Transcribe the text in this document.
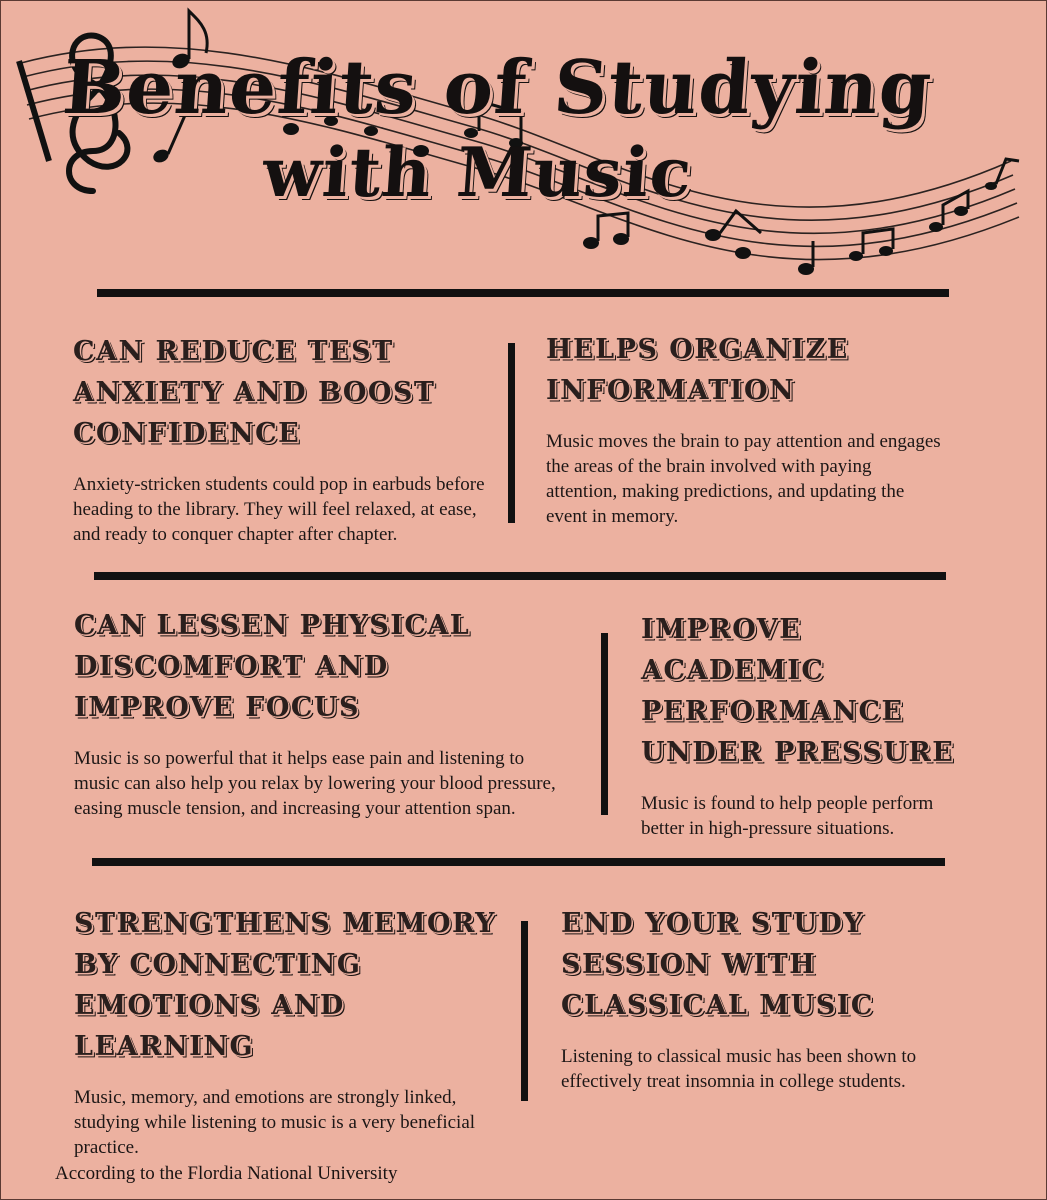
Benefits of Studying
with Music
CAN REDUCE TEST ANXIETY AND BOOST CONFIDENCE

Anxiety-stricken students could pop in earbuds before heading to the library. They will feel relaxed, at ease, and ready to conquer chapter after chapter.

HELPS ORGANIZE INFORMATION

Music moves the brain to pay attention and engages the areas of the brain involved with paying attention, making predictions, and updating the event in memory.

CAN LESSEN PHYSICAL DISCOMFORT AND IMPROVE FOCUS

Music is so powerful that it helps ease pain and listening to music can also help you relax by lowering your blood pressure, easing muscle tension, and increasing your attention span.

IMPROVE ACADEMIC PERFORMANCE UNDER PRESSURE

Music is found to help people perform better in high-pressure situations.

STRENGTHENS MEMORY BY CONNECTING EMOTIONS AND LEARNING

Music, memory, and emotions are strongly linked, studying while listening to music is a very beneficial practice.

END YOUR STUDY SESSION WITH CLASSICAL MUSIC

Listening to classical music has been shown to effectively treat insomnia in college students.

According to the Flordia National University
